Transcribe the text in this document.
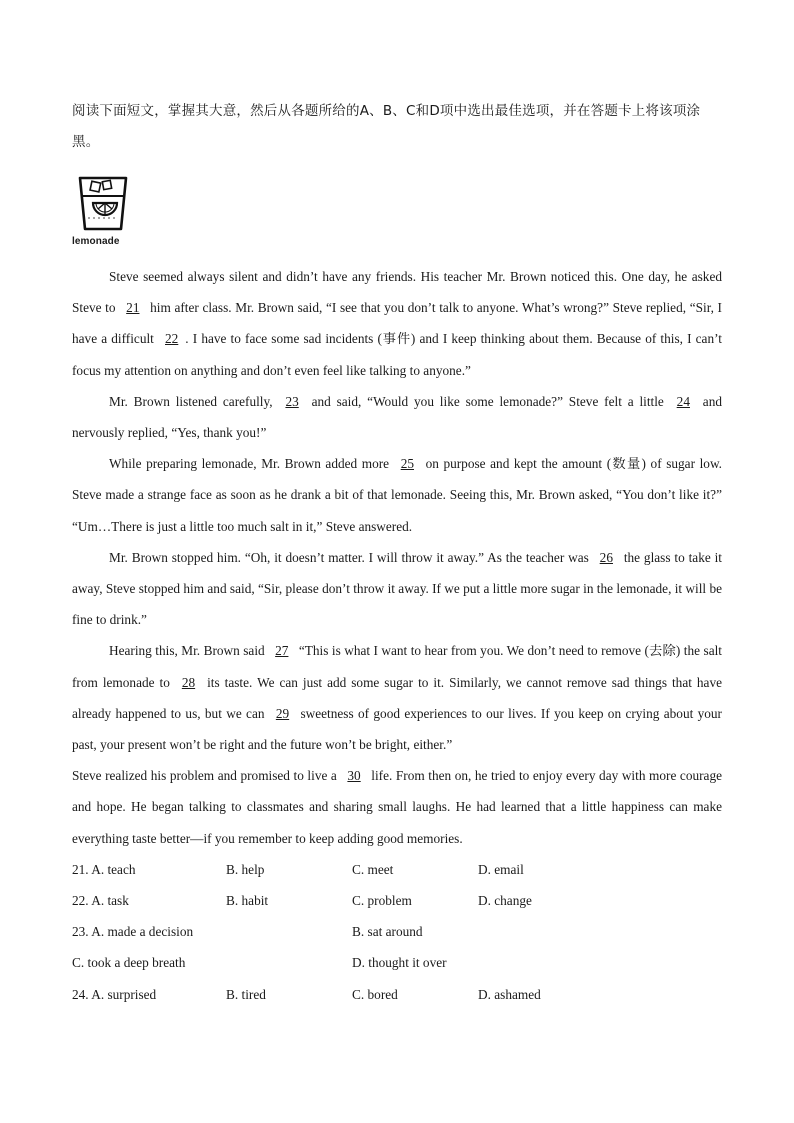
阅读下面短文，掌握其大意，然后从各题所给的A、B、C和D项中选出最佳选项，并在答题卡上将该项涂黑。
lemonade

Steve seemed always silent and didn’t have any friends. His teacher Mr. Brown noticed this. One day, he asked Steve to 21 him after class. Mr. Brown said, “I see that you don’t talk to anyone. What’s wrong?” Steve replied, “Sir, I have a difficult 22 . I have to face some sad incidents (事件) and I keep thinking about them. Because of this, I can’t focus my attention on anything and don’t even feel like talking to anyone.”

Mr. Brown listened carefully, 23 and said, “Would you like some lemonade?” Steve felt a little 24 and nervously replied, “Yes, thank you!”

While preparing lemonade, Mr. Brown added more 25 on purpose and kept the amount (数量) of sugar low. Steve made a strange face as soon as he drank a bit of that lemonade. Seeing this, Mr. Brown asked, “You don’t like it?” “Um…There is just a little too much salt in it,” Steve answered.

Mr. Brown stopped him. “Oh, it doesn’t matter. I will throw it away.” As the teacher was 26 the glass to take it away, Steve stopped him and said, “Sir, please don’t throw it away. If we put a little more sugar in the lemonade, it will be fine to drink.”

Hearing this, Mr. Brown said 27 “This is what I want to hear from you. We don’t need to remove (去除) the salt from lemonade to 28 its taste. We can just add some sugar to it. Similarly, we cannot remove sad things that have already happened to us, but we can 29 sweetness of good experiences to our lives. If you keep on crying about your past, your present won’t be right and the future won’t be bright, either.”

Steve realized his problem and promised to live a 30 life. From then on, he tried to enjoy every day with more courage and hope. He began talking to classmates and sharing small laughs. He had learned that a little happiness can make everything taste better—if you remember to keep adding good memories.

21. A. teach	B. help	C. meet	D. email
22. A. task	B. habit	C. problem	D. change
23. A. made a decision	B. sat around
C. took a deep breath	D. thought it over
24. A. surprised	B. tired	C. bored	D. ashamed
